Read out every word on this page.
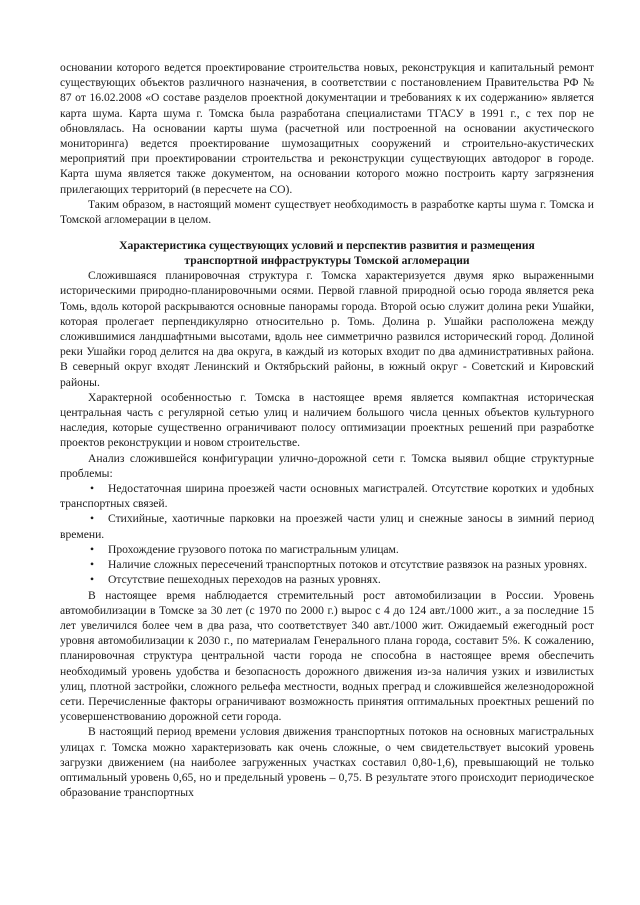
основании которого ведется проектирование строительства новых, реконструкция и капитальный ремонт существующих объектов различного назначения, в соответствии с постановлением Правительства РФ № 87 от 16.02.2008 «О составе разделов проектной документации и требованиях к их содержанию» является карта шума. Карта шума г. Томска была разработана специалистами ТГАСУ в 1991 г., с тех пор не обновлялась. На основании карты шума (расчетной или построенной на основании акустического мониторинга) ведется проектирование шумозащитных сооружений и строительно-акустических мероприятий при проектировании строительства и реконструкции существующих автодорог в городе. Карта шума является также документом, на основании которого можно построить карту загрязнения прилегающих территорий (в пересчете на СО).

Таким образом, в настоящий момент существует необходимость в разработке карты шума г. Томска и Томской агломерации в целом.

Характеристика существующих условий и перспектив развития и размещения
транспортной инфраструктуры Томской агломерации

Сложившаяся планировочная структура г. Томска характеризуется двумя ярко выраженными историческими природно-планировочными осями. Первой главной природной осью города является река Томь, вдоль которой раскрываются основные панорамы города. Второй осью служит долина реки Ушайки, которая пролегает перпендикулярно относительно р. Томь. Долина р. Ушайки расположена между сложившимися ландшафтными высотами, вдоль нее симметрично развился исторический город. Долиной реки Ушайки город делится на два округа, в каждый из которых входит по два административных района. В северный округ входят Ленинский и Октябрьский районы, в южный округ - Советский и Кировский районы.

Характерной особенностью г. Томска в настоящее время является компактная историческая центральная часть с регулярной сетью улиц и наличием большого числа ценных объектов культурного наследия, которые существенно ограничивают полосу оптимизации проектных решений при разработке проектов реконструкции и новом строительстве.

Анализ сложившейся конфигурации улично-дорожной сети г. Томска выявил общие структурные проблемы:

• Недостаточная ширина проезжей части основных магистралей. Отсутствие коротких и удобных транспортных связей.
• Стихийные, хаотичные парковки на проезжей части улиц и снежные заносы в зимний период времени.
• Прохождение грузового потока по магистральным улицам.
• Наличие сложных пересечений транспортных потоков и отсутствие развязок на разных уровнях.
• Отсутствие пешеходных переходов на разных уровнях.

В настоящее время наблюдается стремительный рост автомобилизации в России. Уровень автомобилизации в Томске за 30 лет (с 1970 по 2000 г.) вырос с 4 до 124 авт./1000 жит., а за последние 15 лет увеличился более чем в два раза, что соответствует 340 авт./1000 жит. Ожидаемый ежегодный рост уровня автомобилизации к 2030 г., по материалам Генерального плана города, составит 5%. К сожалению, планировочная структура центральной части города не способна в настоящее время обеспечить необходимый уровень удобства и безопасность дорожного движения из-за наличия узких и извилистых улиц, плотной застройки, сложного рельефа местности, водных преград и сложившейся железнодорожной сети. Перечисленные факторы ограничивают возможность принятия оптимальных проектных решений по усовершенствованию дорожной сети города.

В настоящий период времени условия движения транспортных потоков на основных магистральных улицах г. Томска можно характеризовать как очень сложные, о чем свидетельствует высокий уровень загрузки движением (на наиболее загруженных участках составил 0,80-1,6), превышающий не только оптимальный уровень 0,65, но и предельный уровень – 0,75. В результате этого происходит периодическое образование транспортных
